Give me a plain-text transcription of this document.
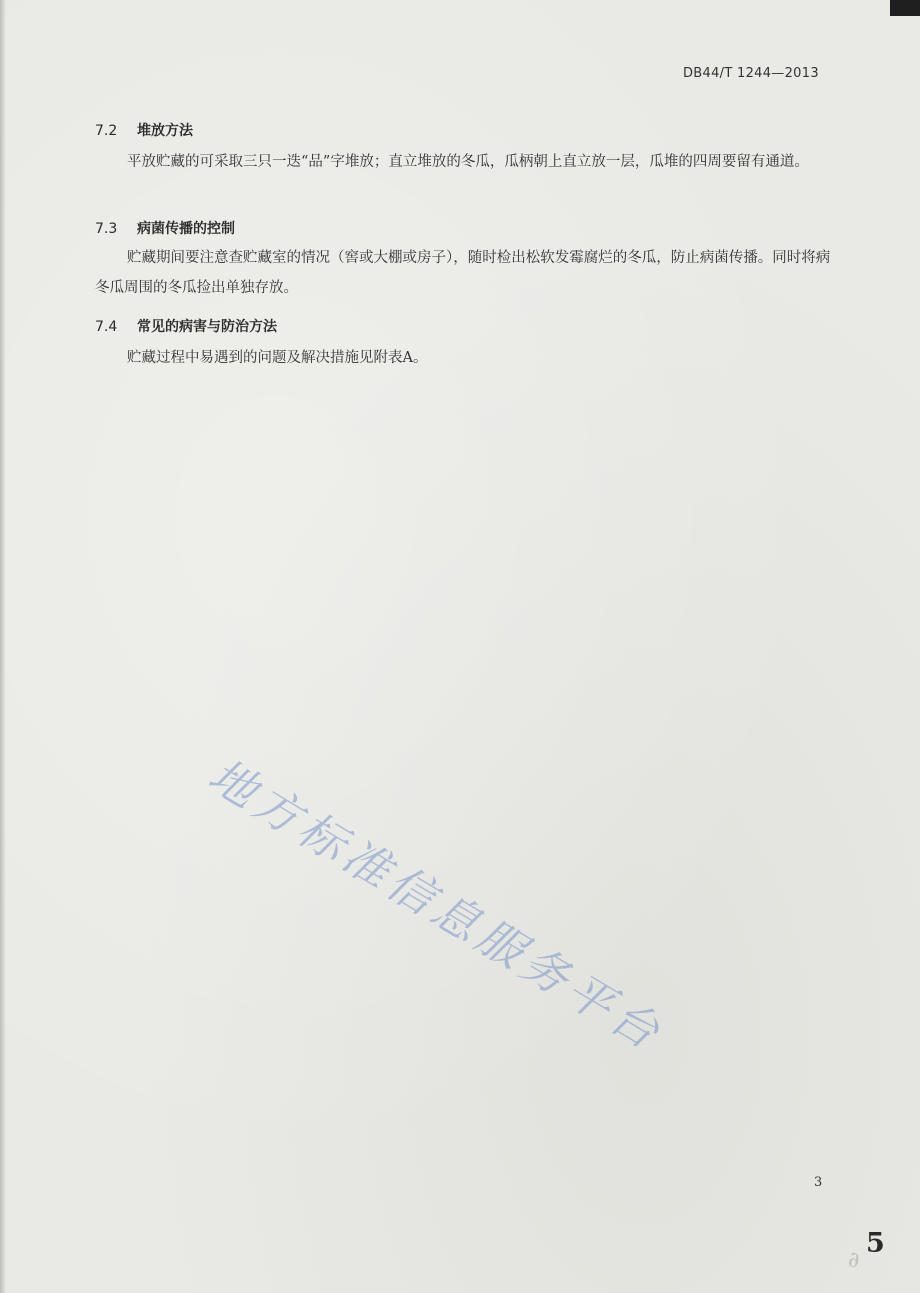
DB44/T 1244—2013
7.2 堆放方法

平放贮藏的可采取三只一迭“品”字堆放；直立堆放的冬瓜，瓜柄朝上直立放一层，瓜堆的四周要留有通道。

7.3 病菌传播的控制

贮藏期间要注意查贮藏室的情况（窖或大棚或房子），随时检出松软发霉腐烂的冬瓜，防止病菌传播。同时将病冬瓜周围的冬瓜捡出单独存放。

7.4 常见的病害与防治方法

贮藏过程中易遇到的问题及解决措施见附表A。

地方标准信息服务平台
3
∂
5
